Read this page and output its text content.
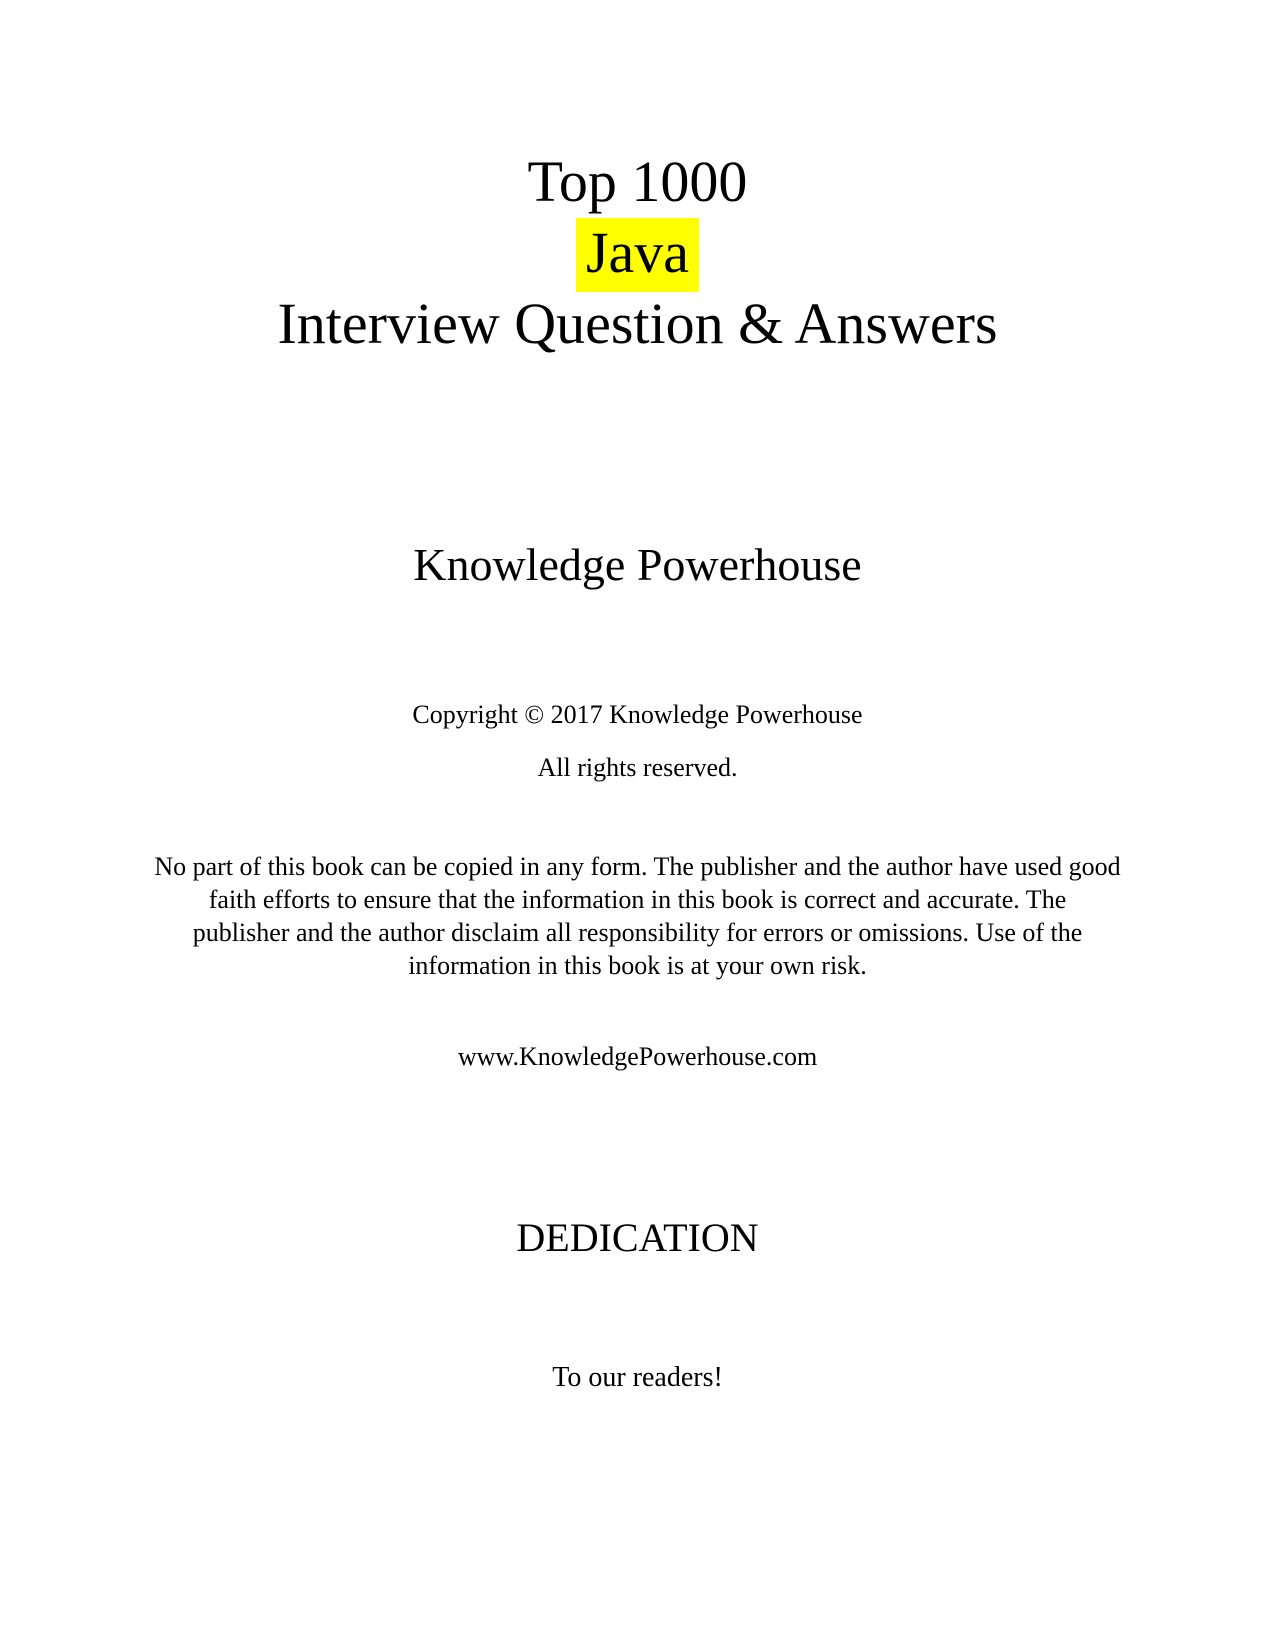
Top 1000
Java
Interview Question & Answers
Knowledge Powerhouse
Copyright © 2017 Knowledge Powerhouse
All rights reserved.
No part of this book can be copied in any form. The publisher and the author have used good
faith efforts to ensure that the information in this book is correct and accurate. The
publisher and the author disclaim all responsibility for errors or omissions. Use of the
information in this book is at your own risk.
www.KnowledgePowerhouse.com
DEDICATION
To our readers!
